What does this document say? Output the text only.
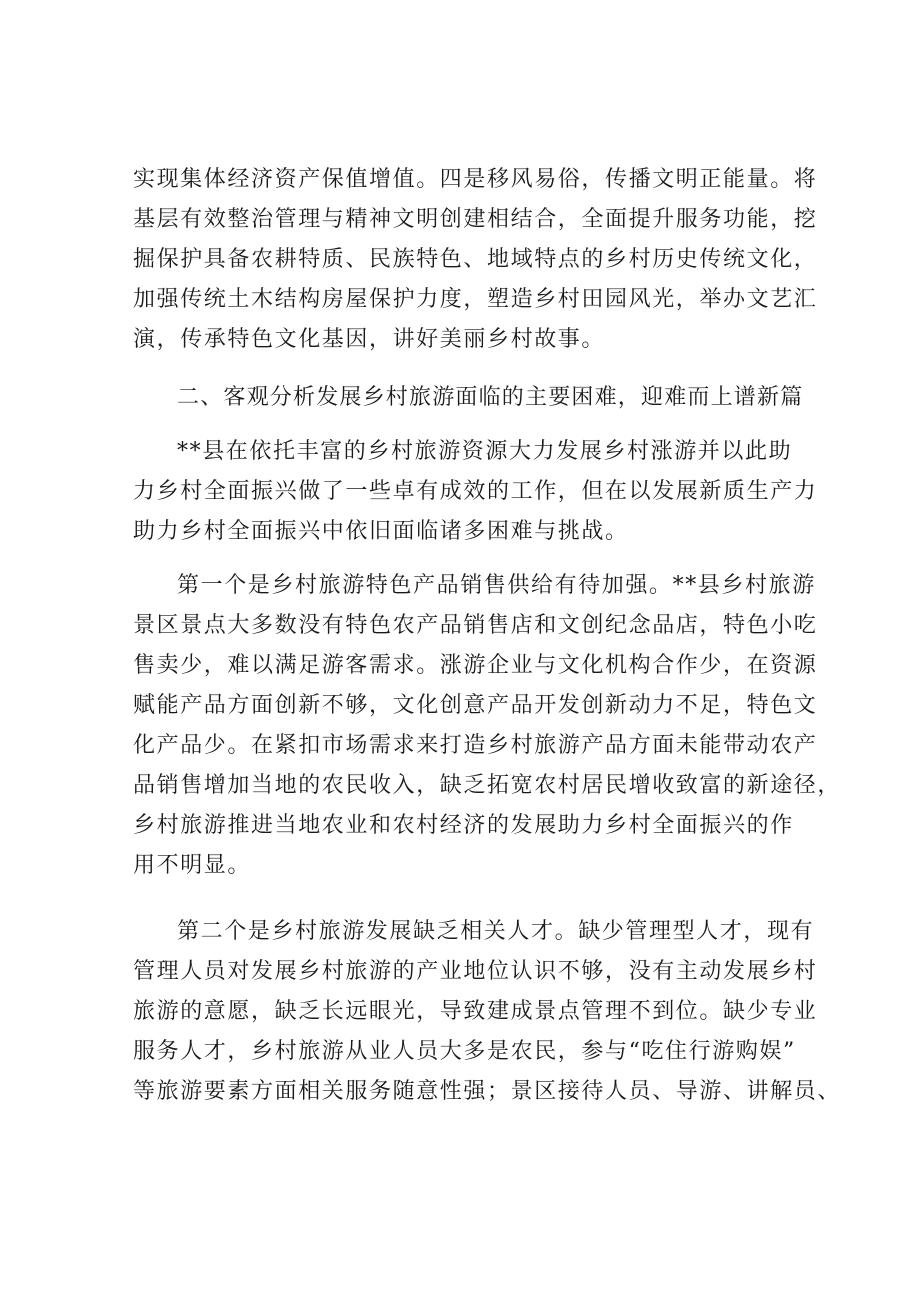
实现集体经济资产保值增值。四是移风易俗，传播文明正能量。将
基层有效整治管理与精神文明创建相结合，全面提升服务功能，挖
掘保护具备农耕特质、民族特色、地域特点的乡村历史传统文化，
加强传统土木结构房屋保护力度，塑造乡村田园风光，举办文艺汇
演，传承特色文化基因，讲好美丽乡村故事。
二、客观分析发展乡村旅游面临的主要困难，迎难而上谱新篇
**县在依托丰富的乡村旅游资源大力发展乡村涨游并以此助
力乡村全面振兴做了一些卓有成效的工作，但在以发展新质生产力
助力乡村全面振兴中依旧面临诸多困难与挑战。
第一个是乡村旅游特色产品销售供给有待加强。**县乡村旅游
景区景点大多数没有特色农产品销售店和文创纪念品店，特色小吃
售卖少，难以满足游客需求。涨游企业与文化机构合作少，在资源
赋能产品方面创新不够，文化创意产品开发创新动力不足，特色文
化产品少。在紧扣市场需求来打造乡村旅游产品方面未能带动农产
品销售增加当地的农民收入，缺乏拓宽农村居民增收致富的新途径，
乡村旅游推进当地农业和农村经济的发展助力乡村全面振兴的作
用不明显。
第二个是乡村旅游发展缺乏相关人才。缺少管理型人才，现有
管理人员对发展乡村旅游的产业地位认识不够，没有主动发展乡村
旅游的意愿，缺乏长远眼光，导致建成景点管理不到位。缺少专业
服务人才，乡村旅游从业人员大多是农民，参与“吃住行游购娱”
等旅游要素方面相关服务随意性强；景区接待人员、导游、讲解员、
